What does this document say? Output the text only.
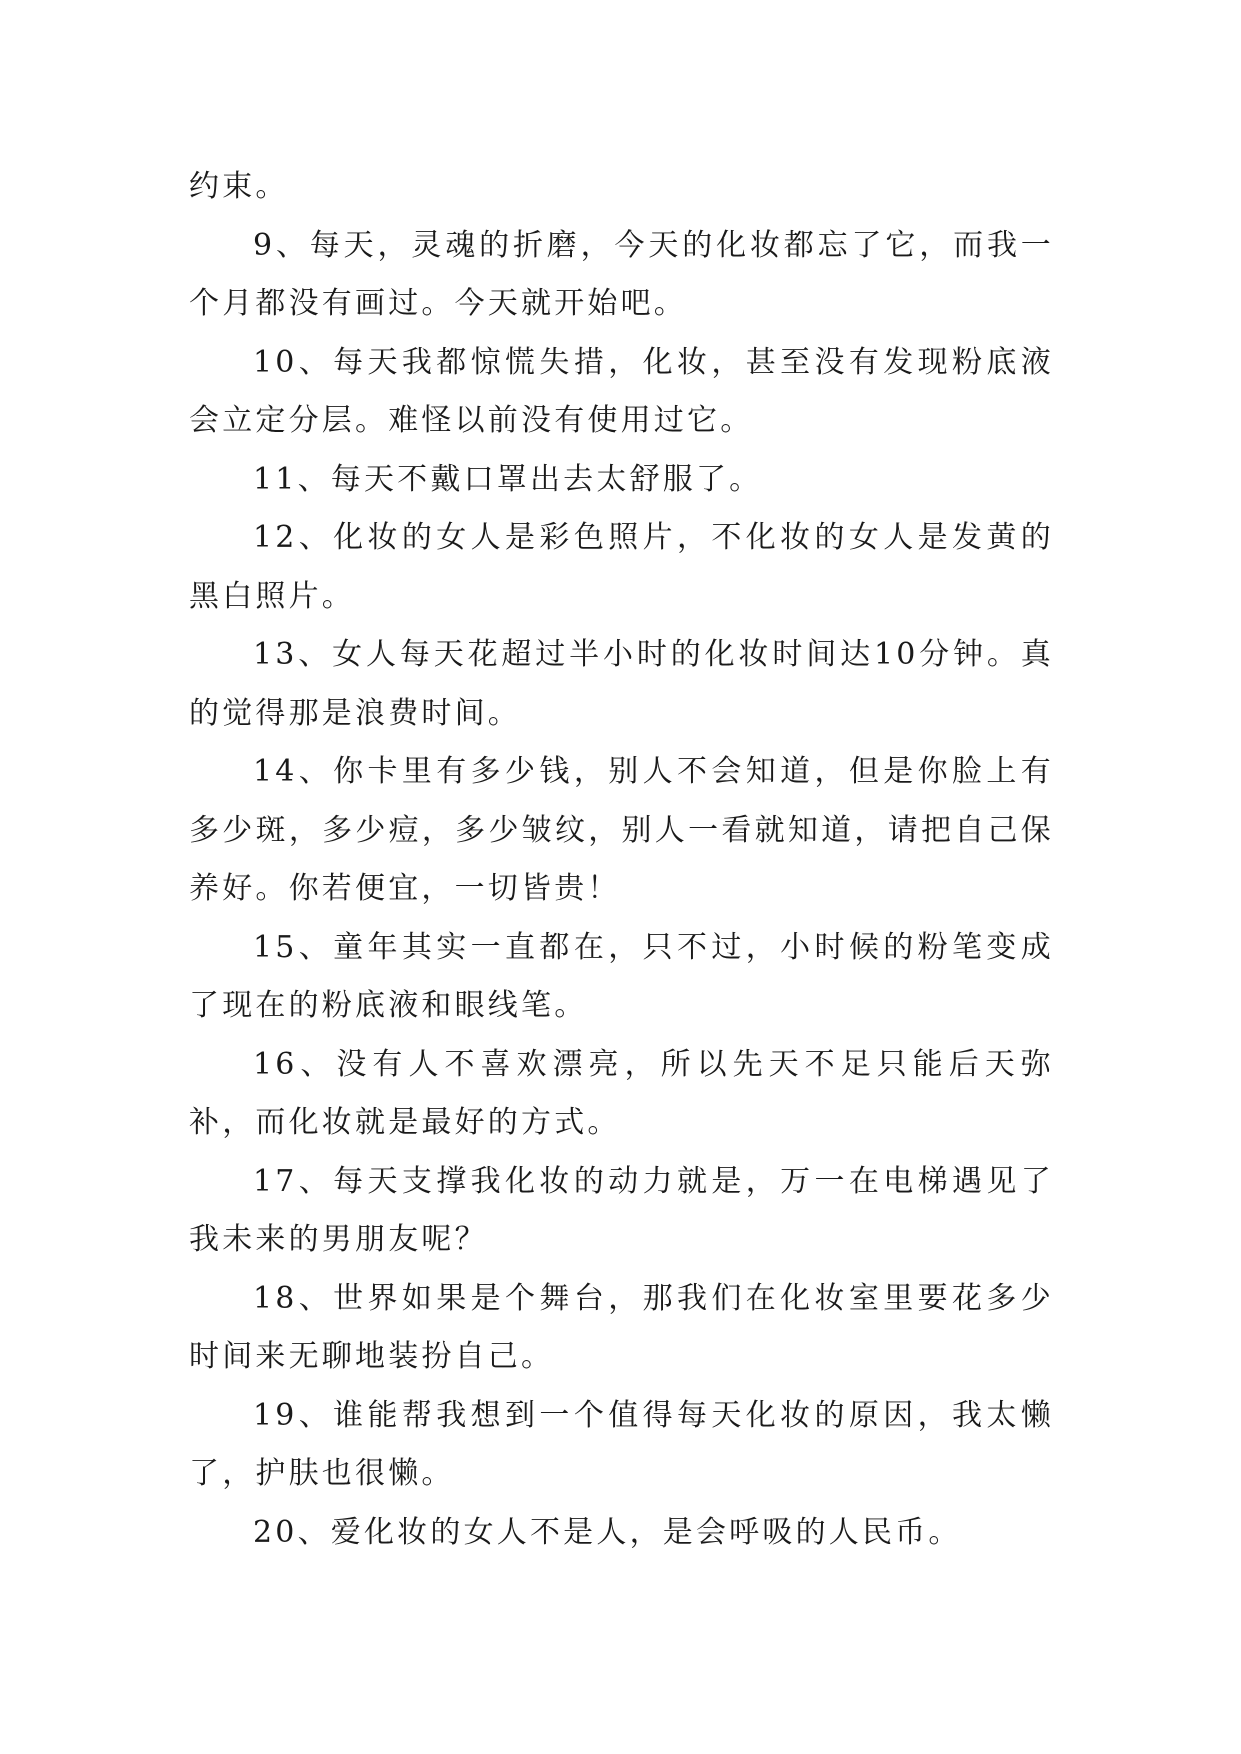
约束。

9、每天，灵魂的折磨，今天的化妆都忘了它，而我一个月都没有画过。今天就开始吧。

10、每天我都惊慌失措，化妆，甚至没有发现粉底液会立定分层。难怪以前没有使用过它。

11、每天不戴口罩出去太舒服了。

12、化妆的女人是彩色照片，不化妆的女人是发黄的黑白照片。

13、女人每天花超过半小时的化妆时间达10分钟。真的觉得那是浪费时间。

14、你卡里有多少钱，别人不会知道，但是你脸上有多少斑，多少痘，多少皱纹，别人一看就知道，请把自己保养好。你若便宜，一切皆贵！

15、童年其实一直都在，只不过，小时候的粉笔变成了现在的粉底液和眼线笔。

16、没有人不喜欢漂亮，所以先天不足只能后天弥补，而化妆就是最好的方式。

17、每天支撑我化妆的动力就是，万一在电梯遇见了我未来的男朋友呢？

18、世界如果是个舞台，那我们在化妆室里要花多少时间来无聊地装扮自己。

19、谁能帮我想到一个值得每天化妆的原因，我太懒了，护肤也很懒。

20、爱化妆的女人不是人，是会呼吸的人民币。
